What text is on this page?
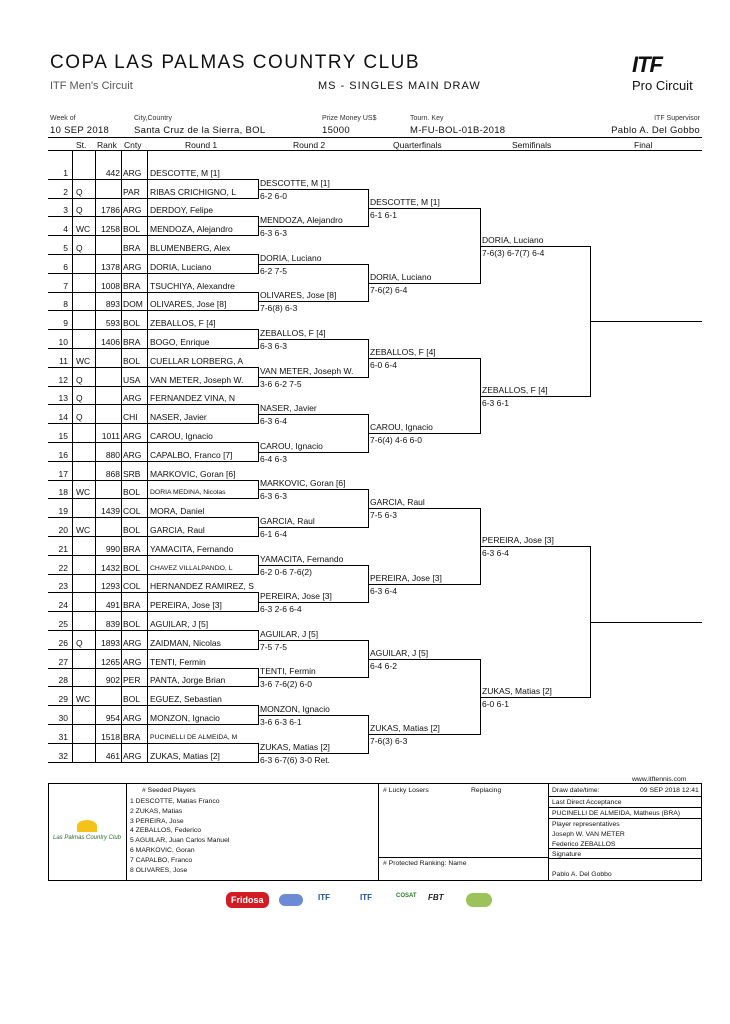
COPA LAS PALMAS COUNTRY CLUB
ITF Men's Circuit	MS - SINGLES MAIN DRAW
ITF
Pro Circuit
Week of
10 SEP 2018
City,Country
Santa Cruz de la Sierra, BOL
Prize Money US$
15000
Tourn. Key
M-FU-BOL-01B-2018
ITF Supervisor
Pablo A. Del Gobbo
St. Rank Cnty	Round 1	Round 2	Quarterfinals	Semifinals	Final
1	442 ARG	DESCOTTE, M [1]
2 Q	PAR	RIBAS CRICHIGNO, L
3 Q	1786 ARG	DERDOY, Felipe
4 WC	1258 BOL	MENDOZA, Alejandro
5 Q	BRA	BLUMENBERG, Alex
6	1378 ARG	DORIA, Luciano
7	1008 BRA	TSUCHIYA, Alexandre
8	893 DOM OLIVARES, Jose [8]
9	593 BOL	ZEBALLOS, F [4]
10	1406 BRA	BOGO, Enrique
11 WC	BOL	CUELLAR LORBERG, A
12 Q	USA	VAN METER, Joseph W.
13 Q	ARG	FERNANDEZ VINA, N
14 Q	CHI	NASER, Javier
15	1011 ARG	CAROU, Ignacio
16	880 ARG	CAPALBO, Franco [7]
17	868 SRB	MARKOVIC, Goran [6]
18 WC	BOL	DORIA MEDINA, Nicolas
19	1439 COL	MORA, Daniel
20 WC	BOL	GARCIA, Raul
21	990 BRA	YAMACITA, Fernando
22	1432 BOL	CHAVEZ VILLALPANDO, L
23	1293 COL	HERNANDEZ RAMIREZ, S
24	491 BRA	PEREIRA, Jose [3]
25	839 BOL	AGUILAR, J [5]
26 Q	1893 ARG	ZAIDMAN, Nicolas
27	1265 ARG	TENTI, Fermin
28	902 PER	PANTA, Jorge Brian
29 WC	BOL	EGUEZ, Sebastian
30	954 ARG	MONZON, Ignacio
31	1518 BRA	PUCINELLI DE ALMEIDA, M
32	461 ARG	ZUKAS, Matias [2]
DESCOTTE, M [1]
6-2 6-0
MENDOZA, Alejandro
6-3 6-3
DORIA, Luciano
6-2 7-5
OLIVARES, Jose [8]
7-6(8) 6-3
ZEBALLOS, F [4]
6-3 6-3
VAN METER, Joseph W.
3-6 6-2 7-5
NASER, Javier
6-3 6-4
CAROU, Ignacio
6-4 6-3
MARKOVIC, Goran [6]
6-3 6-3
GARCIA, Raul
6-1 6-4
YAMACITA, Fernando
6-2 0-6 7-6(2)
PEREIRA, Jose [3]
6-3 2-6 6-4
AGUILAR, J [5]
7-5 7-5
TENTI, Fermin
3-6 7-6(2) 6-0
MONZON, Ignacio
3-6 6-3 6-1
ZUKAS, Matias [2]
6-3 6-7(6) 3-0 Ret.
DESCOTTE, M [1]
6-1 6-1
DORIA, Luciano
7-6(2) 6-4
ZEBALLOS, F [4]
6-0 6-4
CAROU, Ignacio
7-6(4) 4-6 6-0
GARCIA, Raul
7-5 6-3
PEREIRA, Jose [3]
6-3 6-4
AGUILAR, J [5]
6-4 6-2
ZUKAS, Matias [2]
7-6(3) 6-3
DORIA, Luciano
7-6(3) 6-7(7) 6-4
ZEBALLOS, F [4]
6-3 6-1
PEREIRA, Jose [3]
6-3 6-4
ZUKAS, Matias [2]
6-0 6-1
www.itftennis.com
Las Palmas Country Club
# Seeded Players
1 DESCOTTE, Matias Franco
2 ZUKAS, Matias
3 PEREIRA, Jose
4 ZEBALLOS, Federico
5 AGUILAR, Juan Carlos Manuel
6 MARKOVIC, Goran
7 CAPALBO, Franco
8 OLIVARES, Jose
# Lucky Losers	Replacing
# Protected Ranking: Name
Draw date/time:	09 SEP 2018 12:41
Last Direct Acceptance
PUCINELLI DE ALMEIDA, Matheus (BRA)
Player representatives
Joseph W. VAN METER
Federico ZEBALLOS
Signature
Pablo A. Del Gobbo
Fridosa	ITF	ITF	COSAT FBT
